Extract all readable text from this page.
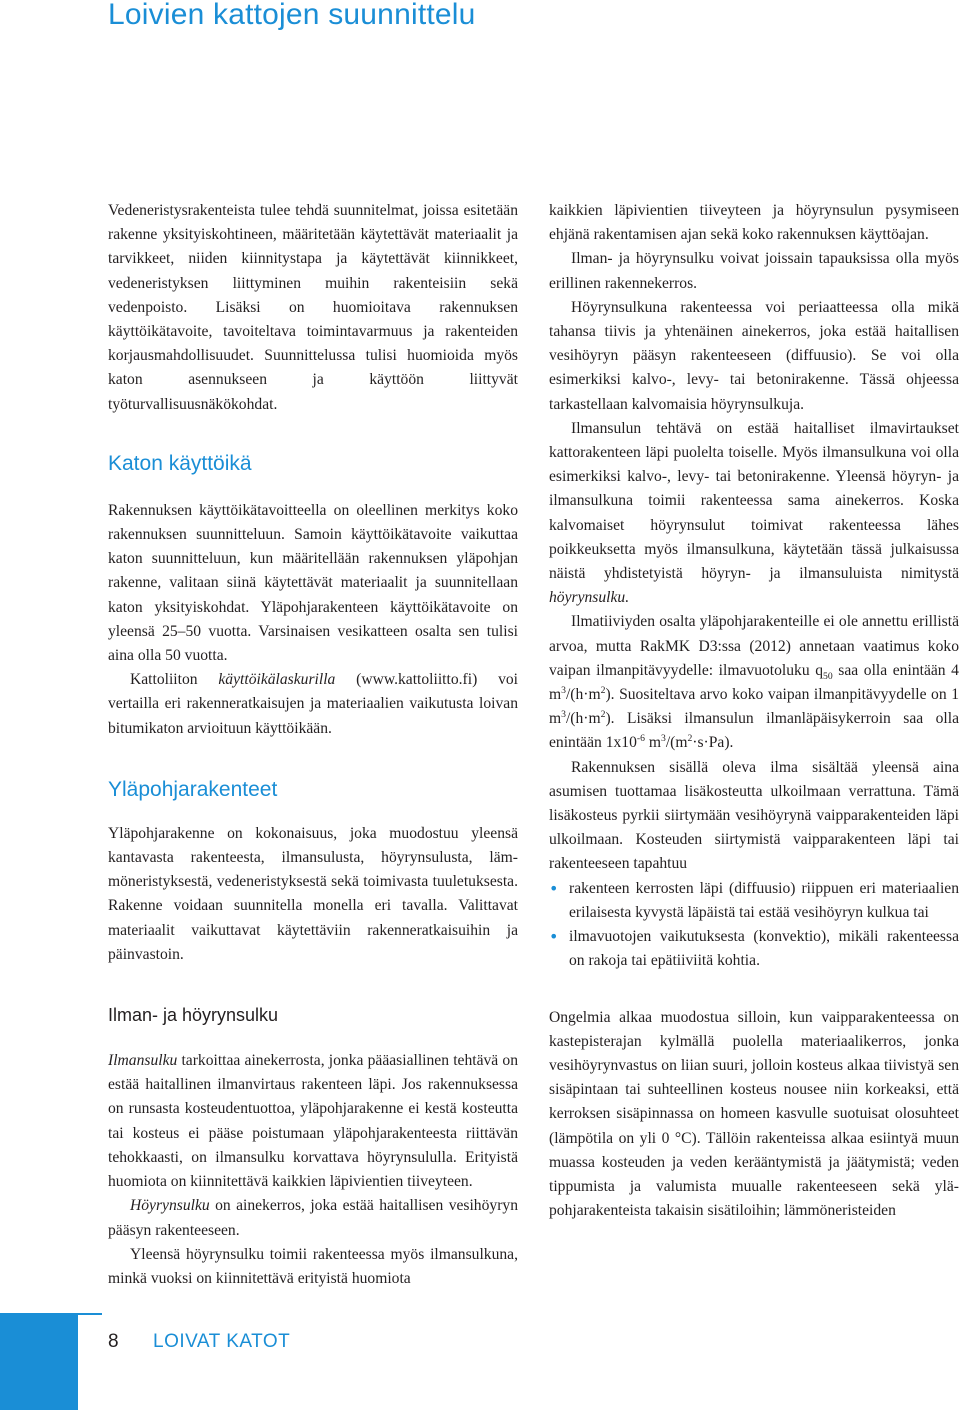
Loivien kattojen suunnittelu

Vedeneristysrakenteista tulee tehdä suunnitelmat, joissa esitetään rakenne yksityiskohtineen, määritetään käytettävät materiaalit ja tarvikkeet, niiden kiinnitystapa ja käytettävät kiinnikkeet, vedeneristyksen liittyminen muihin rakenteisiin sekä vedenpoisto. Lisäksi on huomioitava rakennuksen käyttöikätavoite, tavoiteltava toimintavarmuus ja rakenteiden korjausmahdollisuudet. Suunnittelussa tulisi huomioida myös katon asennukseen ja käyttöön liittyvät työturvallisuusnäkökohdat.

Katon käyttöikä

Rakennuksen käyttöikätavoitteella on oleellinen merkitys koko rakennuksen suunnitteluun. Samoin käyttöikätavoite vaikuttaa katon suunnitteluun, kun määritellään rakennuksen yläpohjan rakenne, valitaan siinä käytettävät materiaalit ja suunnitellaan katon yksityiskohdat. Yläpohjarakenteen käyttöikätavoite on yleensä 25–50 vuotta. Varsinaisen vesikatteen osalta sen tulisi aina olla 50 vuotta.

Kattoliiton käyttöikälaskurilla (www.kattoliitto.fi) voi vertailla eri rakenneratkaisujen ja materiaalien vaikutusta loivan bitumikaton arvioituun käyttöikään.

Yläpohjarakenteet

Yläpohjarakenne on kokonaisuus, joka muodostuu yleensä kantavasta rakenteesta, ilmansulusta, höyrynsulusta, lämmöneristyksestä, vedeneristyksestä sekä toimivasta tuuletuksesta. Rakenne voidaan suunnitella monella eri tavalla. Valittavat materiaalit vaikuttavat käytettäviin rakenneratkaisuihin ja päinvastoin.

Ilman- ja höyrynsulku

Ilmansulku tarkoittaa ainekerrosta, jonka pääasiallinen tehtävä on estää haitallinen ilmanvirtaus rakenteen läpi. Jos rakennuksessa on runsasta kosteudentuottoa, yläpohjarakenne ei kestä kosteutta tai kosteus ei pääse poistumaan yläpohjarakenteesta riittävän tehokkaasti, on ilmansulku korvattava höyrynsululla. Erityistä huomiota on kiinnitettävä kaikkien läpivientien tiiveyteen.

Höyrynsulku on ainekerros, joka estää haitallisen vesihöyryn pääsyn rakenteeseen.

Yleensä höyrynsulku toimii rakenteessa myös ilmansulkuna, minkä vuoksi on kiinnitettävä erityistä huomiota

kaikkien läpivientien tiiveyteen ja höyrynsulun pysymiseen ehjänä rakentamisen ajan sekä koko rakennuksen käyttöajan.

Ilman- ja höyrynsulku voivat joissain tapauksissa olla myös erillinen rakennekerros.

Höyrynsulkuna rakenteessa voi periaatteessa olla mikä tahansa tiivis ja yhtenäinen ainekerros, joka estää haitallisen vesihöyryn pääsyn rakenteeseen (diffuusio). Se voi olla esimerkiksi kalvo-, levy- tai betonirakenne. Tässä ohjeessa tarkastellaan kalvomaisia höyrynsulkuja.

Ilmansulun tehtävä on estää haitalliset ilmavirtaukset kattorakenteen läpi puolelta toiselle. Myös ilmansulkuna voi olla esimerkiksi kalvo-, levy- tai betonirakenne. Yleensä höyryn- ja ilmansulkuna toimii rakenteessa sama ainekerros. Koska kalvomaiset höyrynsulut toimivat rakenteessa lähes poikkeuksetta myös ilmansulkuna, käytetään tässä julkaisussa näistä yhdistetyistä höyryn- ja ilmansuluista nimitystä höyrynsulku.

Ilmatiiviyden osalta yläpohjarakenteille ei ole annettu erillistä arvoa, mutta RakMK D3:ssa (2012) annetaan vaatimus koko vaipan ilmanpitävyydelle: ilmavuotoluku $q_{50}$ saa olla enintään 4 $m^3/(h\cdot m^2)$. Suositeltava arvo koko vaipan ilmanpitävyydelle on 1 $m^3/(h\cdot m^2)$. Lisäksi ilmansulun ilmanläpäisykerroin saa olla enintään $1x10^{-6}$ $m^3/(m^2\cdot s\cdot Pa)$.

Rakennuksen sisällä oleva ilma sisältää yleensä aina asumisen tuottamaa lisäkosteutta ulkoilmaan verrattuna. Tämä lisäkosteus pyrkii siirtymään vesihöyrynä vaipparakenteiden läpi ulkoilmaan. Kosteuden siirtymistä vaipparakenteen läpi tai rakenteeseen tapahtuu

• rakenteen kerrosten läpi (diffuusio) riippuen eri materiaalien erilaisesta kyvystä läpäistä tai estää vesihöyryn kulkua tai
• ilmavuotojen vaikutuksesta (konvektio), mikäli rakenteessa on rakoja tai epätiiviitä kohtia.

Ongelmia alkaa muodostua silloin, kun vaipparakenteessa on kastepisterajan kylmällä puolella materiaalikerros, jonka vesihöyrynvastus on liian suuri, jolloin kosteus alkaa tiivistyä sen sisäpintaan tai suhteellinen kosteus nousee niin korkeaksi, että kerroksen sisäpinnassa on homeen kasvulle suotuisat olosuhteet (lämpötila on yli 0 °C). Tällöin rakenteissa alkaa esiintyä muun muassa kosteuden ja veden kerääntymistä ja jäätymistä; veden tippumista ja valumista muualle rakenteeseen sekä yläpohjarakenteista takaisin sisätiloihin; lämmöneristeiden

8 LOIVAT KATOT
